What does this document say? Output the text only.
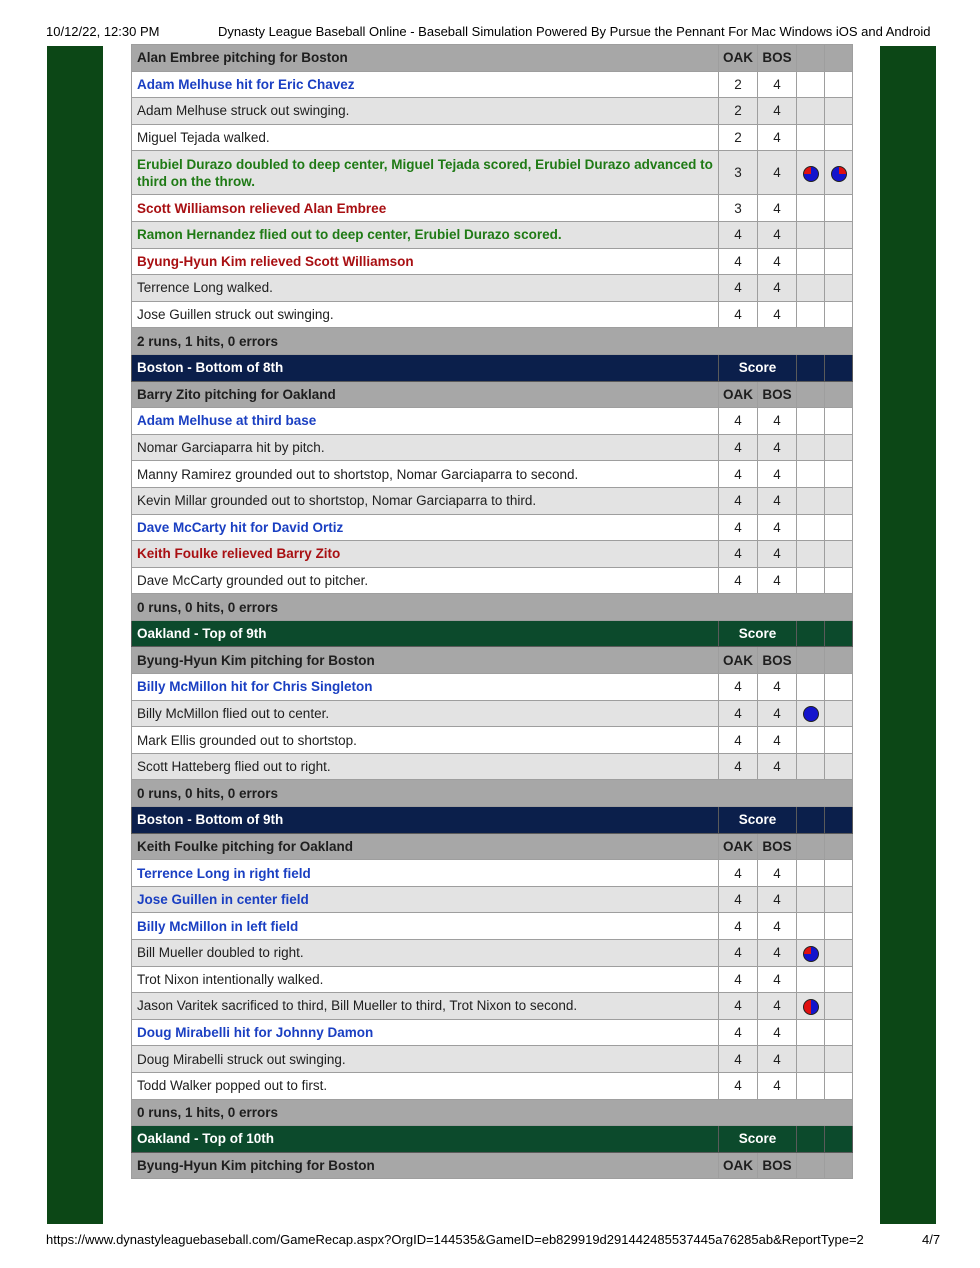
10/12/22, 12:30 PM	Dynasty League Baseball Online - Baseball Simulation Powered By Pursue the Pennant For Mac Windows iOS and Android
Alan Embree pitching for Boston	OAK	BOS		
Adam Melhuse hit for Eric Chavez	2	4		
Adam Melhuse struck out swinging.	2	4		
Miguel Tejada walked.	2	4		
Erubiel Durazo doubled to deep center, Miguel Tejada scored, Erubiel Durazo advanced to third on the throw.	3	4		
Scott Williamson relieved Alan Embree	3	4		
Ramon Hernandez flied out to deep center, Erubiel Durazo scored.	4	4		
Byung-Hyun Kim relieved Scott Williamson	4	4		
Terrence Long walked.	4	4		
Jose Guillen struck out swinging.	4	4		
2 runs, 1 hits, 0 errors				
Boston - Bottom of 8th	Score			
Barry Zito pitching for Oakland	OAK	BOS		
Adam Melhuse at third base	4	4		
Nomar Garciaparra hit by pitch.	4	4		
Manny Ramirez grounded out to shortstop, Nomar Garciaparra to second.	4	4		
Kevin Millar grounded out to shortstop, Nomar Garciaparra to third.	4	4		
Dave McCarty hit for David Ortiz	4	4		
Keith Foulke relieved Barry Zito	4	4		
Dave McCarty grounded out to pitcher.	4	4		
0 runs, 0 hits, 0 errors				
Oakland - Top of 9th	Score			
Byung-Hyun Kim pitching for Boston	OAK	BOS		
Billy McMillon hit for Chris Singleton	4	4		
Billy McMillon flied out to center.	4	4		
Mark Ellis grounded out to shortstop.	4	4		
Scott Hatteberg flied out to right.	4	4		
0 runs, 0 hits, 0 errors				
Boston - Bottom of 9th	Score			
Keith Foulke pitching for Oakland	OAK	BOS		
Terrence Long in right field	4	4		
Jose Guillen in center field	4	4		
Billy McMillon in left field	4	4		
Bill Mueller doubled to right.	4	4		
Trot Nixon intentionally walked.	4	4		
Jason Varitek sacrificed to third, Bill Mueller to third, Trot Nixon to second.	4	4		
Doug Mirabelli hit for Johnny Damon	4	4		
Doug Mirabelli struck out swinging.	4	4		
Todd Walker popped out to first.	4	4		
0 runs, 1 hits, 0 errors				
Oakland - Top of 10th	Score			
Byung-Hyun Kim pitching for Boston	OAK	BOS		
https://www.dynastyleaguebaseball.com/GameRecap.aspx?OrgID=144535&GameID=eb829919d291442485537445a76285ab&ReportType=2	4/7
